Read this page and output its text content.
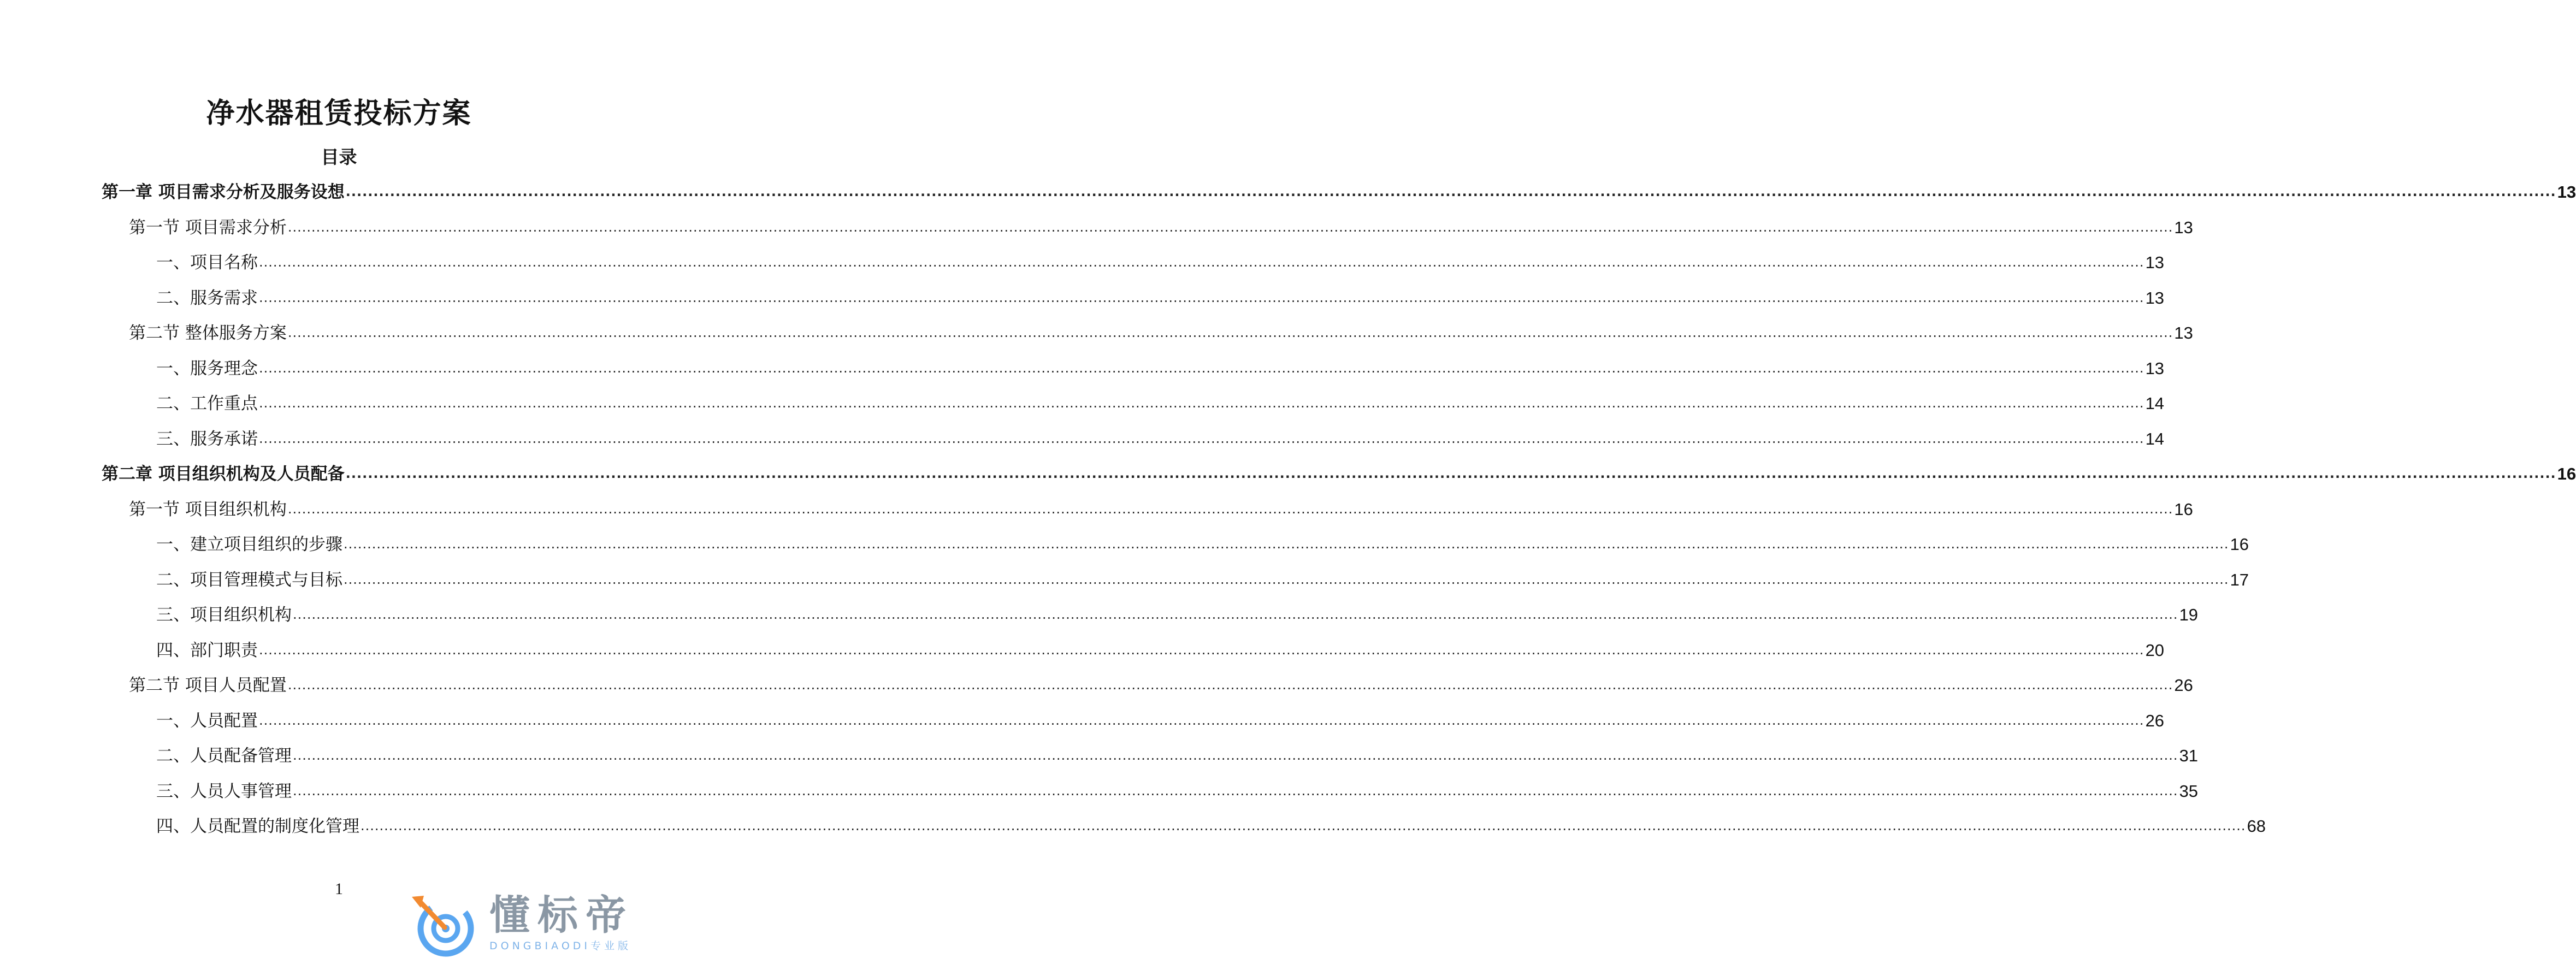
净水器租赁投标方案
目录
第一章 项目需求分析及服务设想 ................................................................................................................................................................................................................................................................................................................................................................................................................ 13
第一节 项目需求分析 ................................................................................................................................................................................................................................................................................................................................................................................................................ 13
一、项目名称 ................................................................................................................................................................................................................................................................................................................................................................................................................ 13
二、服务需求 ................................................................................................................................................................................................................................................................................................................................................................................................................ 13
第二节 整体服务方案 ................................................................................................................................................................................................................................................................................................................................................................................................................ 13
一、服务理念 ................................................................................................................................................................................................................................................................................................................................................................................................................ 13
二、工作重点 ................................................................................................................................................................................................................................................................................................................................................................................................................ 14
三、服务承诺 ................................................................................................................................................................................................................................................................................................................................................................................................................ 14
第二章 项目组织机构及人员配备 ................................................................................................................................................................................................................................................................................................................................................................................................................ 16
第一节 项目组织机构 ................................................................................................................................................................................................................................................................................................................................................................................................................ 16
一、建立项目组织的步骤 ................................................................................................................................................................................................................................................................................................................................................................................................................ 16
二、项目管理模式与目标 ................................................................................................................................................................................................................................................................................................................................................................................................................ 17
三、项目组织机构 ................................................................................................................................................................................................................................................................................................................................................................................................................ 19
四、部门职责 ................................................................................................................................................................................................................................................................................................................................................................................................................ 20
第二节 项目人员配置 ................................................................................................................................................................................................................................................................................................................................................................................................................ 26
一、人员配置 ................................................................................................................................................................................................................................................................................................................................................................................................................ 26
二、人员配备管理 ................................................................................................................................................................................................................................................................................................................................................................................................................ 31
三、人员人事管理 ................................................................................................................................................................................................................................................................................................................................................................................................................ 35
四、人员配置的制度化管理 ................................................................................................................................................................................................................................................................................................................................................................................................................ 68
1
懂标帝
DONGBIAODI专业版
